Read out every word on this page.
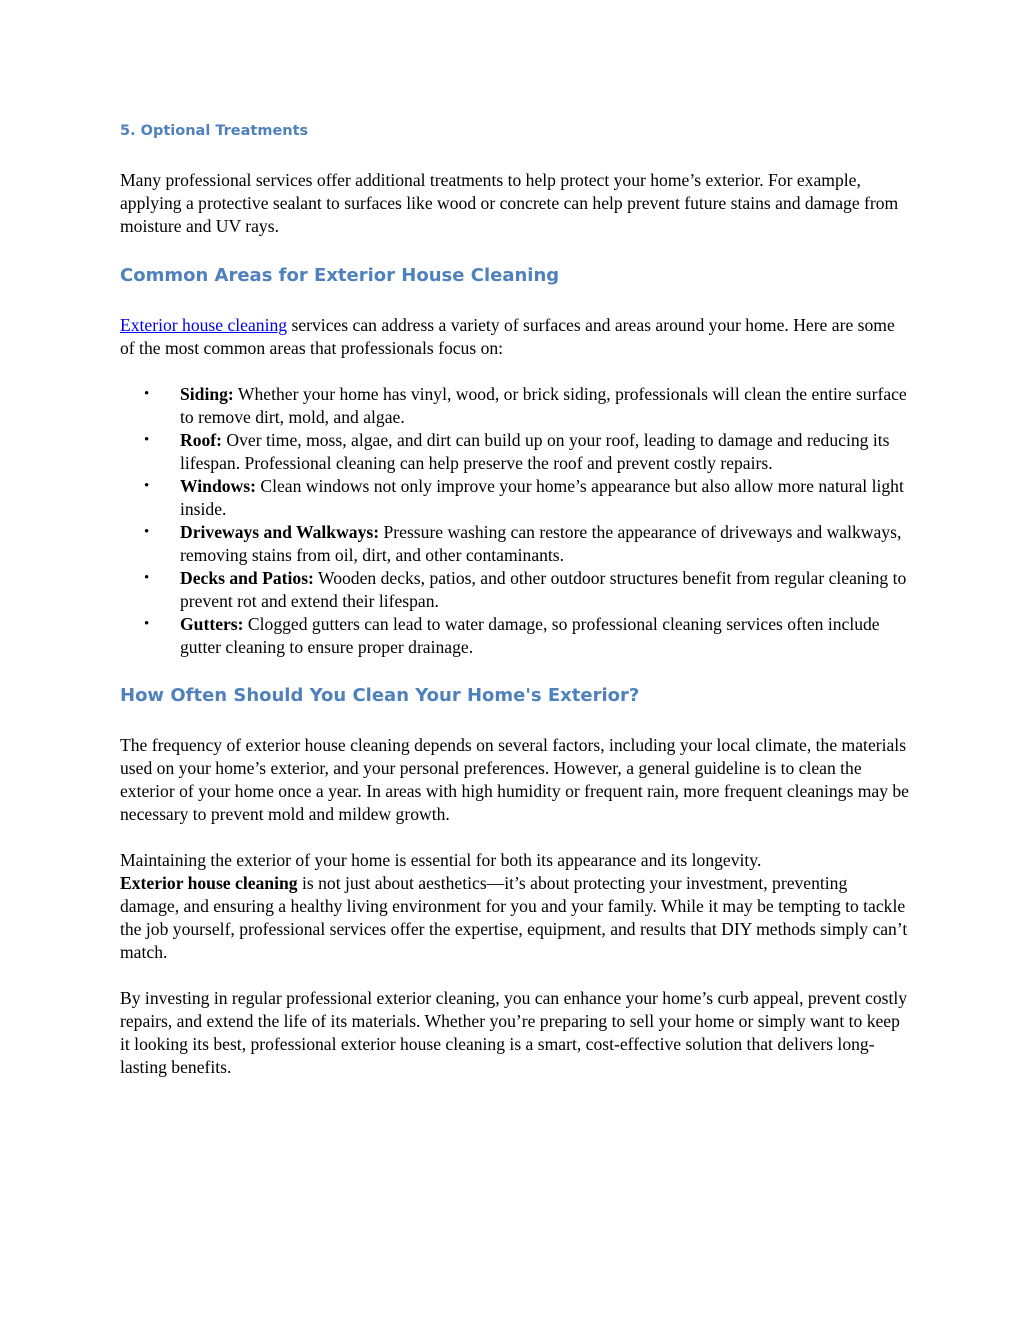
5. Optional Treatments

Many professional services offer additional treatments to help protect your home’s exterior. For example, applying a protective sealant to surfaces like wood or concrete can help prevent future stains and damage from moisture and UV rays.

Common Areas for Exterior House Cleaning

Exterior house cleaning services can address a variety of surfaces and areas around your home. Here are some of the most common areas that professionals focus on:

• Siding: Whether your home has vinyl, wood, or brick siding, professionals will clean the entire surface to remove dirt, mold, and algae.
• Roof: Over time, moss, algae, and dirt can build up on your roof, leading to damage and reducing its lifespan. Professional cleaning can help preserve the roof and prevent costly repairs.
• Windows: Clean windows not only improve your home’s appearance but also allow more natural light inside.
• Driveways and Walkways: Pressure washing can restore the appearance of driveways and walkways, removing stains from oil, dirt, and other contaminants.
• Decks and Patios: Wooden decks, patios, and other outdoor structures benefit from regular cleaning to prevent rot and extend their lifespan.
• Gutters: Clogged gutters can lead to water damage, so professional cleaning services often include gutter cleaning to ensure proper drainage.
How Often Should You Clean Your Home's Exterior?

The frequency of exterior house cleaning depends on several factors, including your local climate, the materials used on your home’s exterior, and your personal preferences. However, a general guideline is to clean the exterior of your home once a year. In areas with high humidity or frequent rain, more frequent cleanings may be necessary to prevent mold and mildew growth.

Maintaining the exterior of your home is essential for both its appearance and its longevity.
Exterior house cleaning is not just about aesthetics—it’s about protecting your investment, preventing damage, and ensuring a healthy living environment for you and your family. While it may be tempting to tackle the job yourself, professional services offer the expertise, equipment, and results that DIY methods simply can’t match.

By investing in regular professional exterior cleaning, you can enhance your home’s curb appeal, prevent costly repairs, and extend the life of its materials. Whether you’re preparing to sell your home or simply want to keep it looking its best, professional exterior house cleaning is a smart, cost-effective solution that delivers long-lasting benefits.
